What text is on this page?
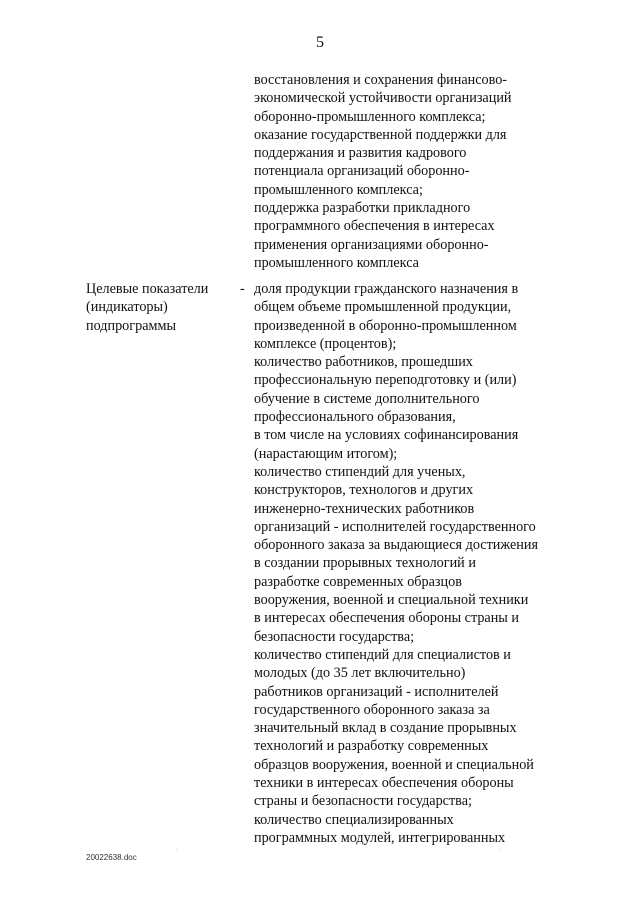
5
восстановления и сохранения финансово-
экономической устойчивости организаций
оборонно-промышленного комплекса;
оказание государственной поддержки для
поддержания и развития кадрового
потенциала организаций оборонно-
промышленного комплекса;
поддержка разработки прикладного
программного обеспечения в интересах
применения организациями оборонно-
промышленного комплекса
Целевые показатели
(индикаторы)
подпрограммы
- доля продукции гражданского назначения в
общем объеме промышленной продукции,
произведенной в оборонно-промышленном
комплексе (процентов);
количество работников, прошедших
профессиональную переподготовку и (или)
обучение в системе дополнительного
профессионального образования,
в том числе на условиях софинансирования
(нарастающим итогом);
количество стипендий для ученых,
конструкторов, технологов и других
инженерно-технических работников
организаций - исполнителей государственного
оборонного заказа за выдающиеся достижения
в создании прорывных технологий и
разработке современных образцов
вооружения, военной и специальной техники
в интересах обеспечения обороны страны и
безопасности государства;
количество стипендий для специалистов и
молодых (до 35 лет включительно)
работников организаций - исполнителей
государственного оборонного заказа за
значительный вклад в создание прорывных
технологий и разработку современных
образцов вооружения, военной и специальной
техники в интересах обеспечения обороны
страны и безопасности государства;
количество специализированных
программных модулей, интегрированных
20022638.doc
.	.
